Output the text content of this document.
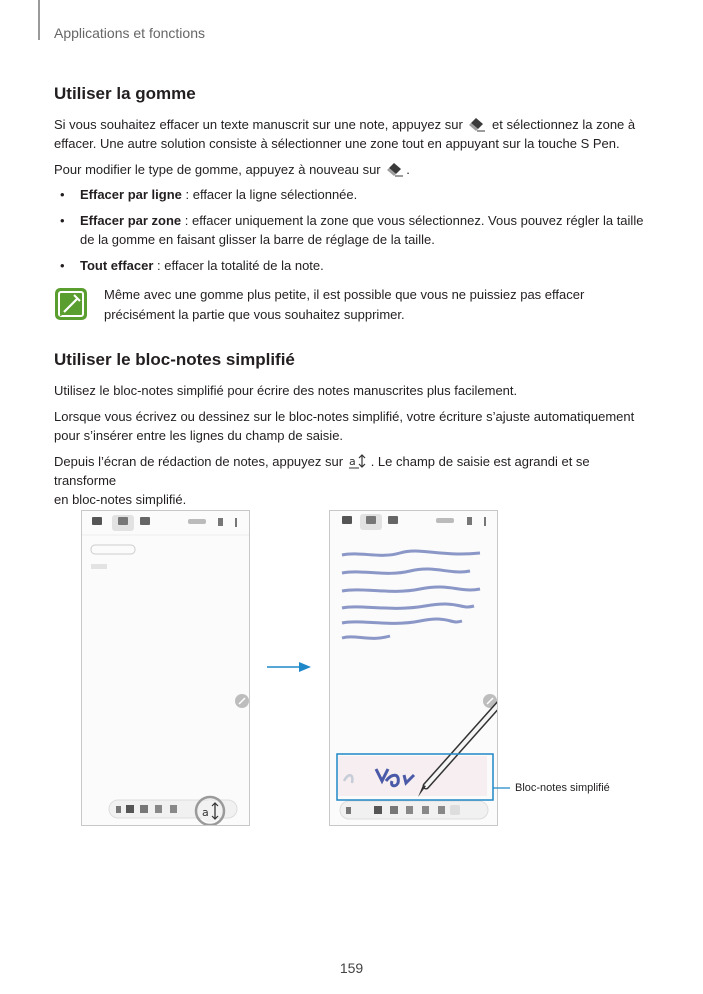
Applications et fonctions
Utiliser la gomme
Si vous souhaitez effacer un texte manuscrit sur une note, appuyez sur et sélectionnez la zone à
effacer. Une autre solution consiste à sélectionner une zone tout en appuyant sur la touche S Pen.
Pour modifier le type de gomme, appuyez à nouveau sur .
• Effacer par ligne : effacer la ligne sélectionnée.
• Effacer par zone : effacer uniquement la zone que vous sélectionnez. Vous pouvez régler la taille
de la gomme en faisant glisser la barre de réglage de la taille.
• Tout effacer : effacer la totalité de la note.
Même avec une gomme plus petite, il est possible que vous ne puissiez pas effacer
précisément la partie que vous souhaitez supprimer.
Utiliser le bloc-notes simplifié
Utilisez le bloc-notes simplifié pour écrire des notes manuscrites plus facilement.
Lorsque vous écrivez ou dessinez sur le bloc-notes simplifié, votre écriture s’ajuste automatiquement
pour s’insérer entre les lignes du champ de saisie.
Depuis l’écran de rédaction de notes, appuyez sur a . Le champ de saisie est agrandi et se transforme
en bloc-notes simplifié.
a
Bloc-notes simplifié
159
